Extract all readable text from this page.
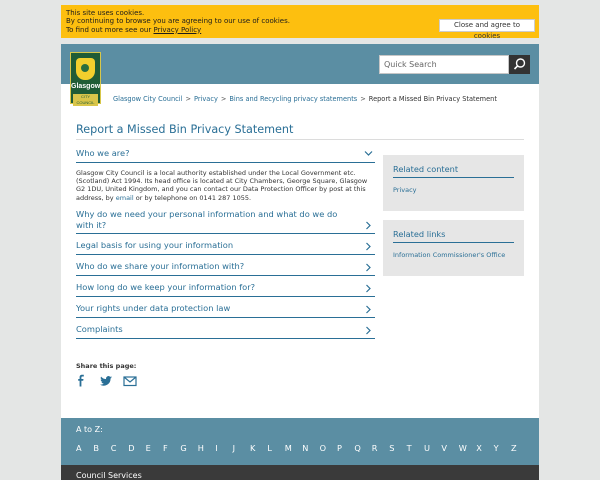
This site uses cookies.
By continuing to browse you are agreeing to our use of cookies.
To find out more see our Privacy Policy
Close and agree to cookies
Quick Search
Glasgow
CITY COUNCIL	Glasgow City Council > Privacy > Bins and Recycling privacy statements > Report a Missed Bin Privacy Statement
Report a Missed Bin Privacy Statement
Who we are?
Glasgow City Council is a local authority established under the Local Government etc. (Scotland) Act 1994. Its head office is located at City Chambers, George Square, Glasgow G2 1DU, United Kingdom, and you can contact our Data Protection Officer by post at this address, by email or by telephone on 0141 287 1055.
Why do we need your personal information and what do we do with it?
Legal basis for using your information
Who do we share your information with?
How long do we keep your information for?
Your rights under data protection law
Complaints
Related content
Privacy
Related links
Information Commissioner's Office
Share this page:
A to Z:
A B C D E F G H I J K L M N O P Q R S T U V W X Y Z
Council Services
